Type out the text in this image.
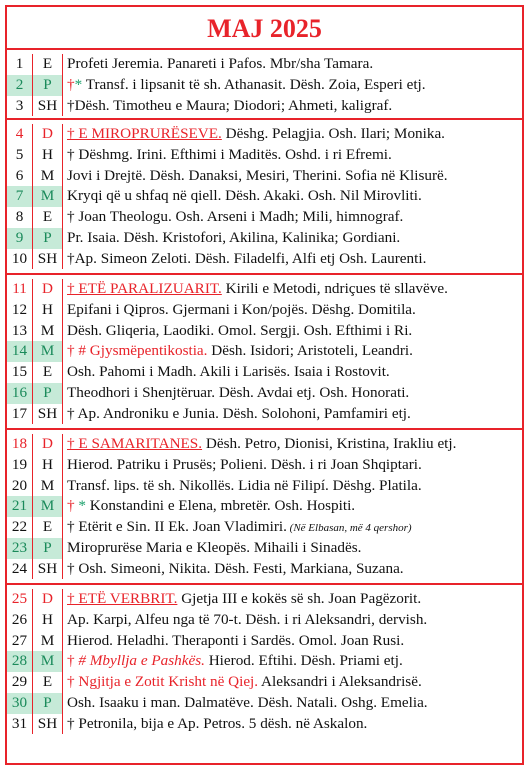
MAJ 2025
1	E Profeti Jeremia. Panareti i Pafos. Mbr/sha Tamara.
2	P	†* Transf. i lipsanit të sh. Athanasit. Dësh. Zoia, Esperi etj.
3 SH †Dësh. Timotheu e Maura; Diodori; Ahmeti, kaligraf.
4	D † E MIROPRURËSEVE. Dëshg. Pelagjia. Osh. Ilari; Monika.
5	H † Dëshmg. Irini. Efthimi i Maditës. Oshd. i ri Efremi.
6	M Jovi i Drejtë. Dësh. Danaksi, Mesiri, Therini. Sofia në Klisurë.
7	M Kryqi që u shfaq në qiell. Dësh. Akaki. Osh. Nil Mirovliti.
8	E † Joan Theologu. Osh. Arseni i Madh; Mili, himnograf.
9	P	Pr. Isaia. Dësh. Kristofori, Akilina, Kalinika; Gordiani.
10 SH †Ap. Simeon Zeloti. Dësh. Filadelfi, Alfi etj Osh. Laurenti.
11	D † ETË PARALIZUARIT. Kirili e Metodi, ndriçues të sllavëve.
12 H Epifani i Qipros. Gjermani i Kon/pojës. Dëshg. Domitila.
13 M Dësh. Gliqeria, Laodiki. Omol. Sergji. Osh. Efthimi i Ri.
14 M † # Gjysmëpentikostia. Dësh. Isidori; Aristoteli, Leandri.
15	E Osh. Pahomi i Madh. Akili i Larisës. Isaia i Rostovit.
16	P	Theodhori i Shenjtëruar. Dësh. Avdai etj. Osh. Honorati.
17 SH † Ap. Androniku e Junia. Dësh. Solohoni, Pamfamiri etj.
18 D † E SAMARITANES. Dësh. Petro, Dionisi, Kristina, Irakliu etj.
19 H Hierod. Patriku i Prusës; Polieni. Dësh. i ri Joan Shqiptari.
20 M Transf. lips. të sh. Nikollës. Lidia në Filipí. Dëshg. Platila.
21 M † * Konstandini e Elena, mbretër. Osh. Hospiti.
22	E † Etërit e Sin. II Ek. Joan Vladimiri. (Në Elbasan, më 4 qershor)
23	P	Miroprurëse Maria e Kleopës. Mihaili i Sinadës.
24 SH † Osh. Simeoni, Nikita. Dësh. Festi, Markiana, Suzana.
25 D † ETË VERBRIT. Gjetja III e kokës së sh. Joan Pagëzorit.
26 H Ap. Karpi, Alfeu nga të 70-t. Dësh. i ri Aleksandri, dervish.
27 M Hierod. Heladhi. Theraponti i Sardës. Omol. Joan Rusi.
28 M † # Mbyllja e Pashkës. Hierod. Eftihi. Dësh. Priami etj.
29	E † Ngjitja e Zotit Krisht në Qiej. Aleksandri i Aleksandrisë.
30	P	Osh. Isaaku i man. Dalmatëve. Dësh. Natali. Oshg. Emelia.
31 SH † Petronila, bija e Ap. Petros. 5 dësh. në Askalon.
